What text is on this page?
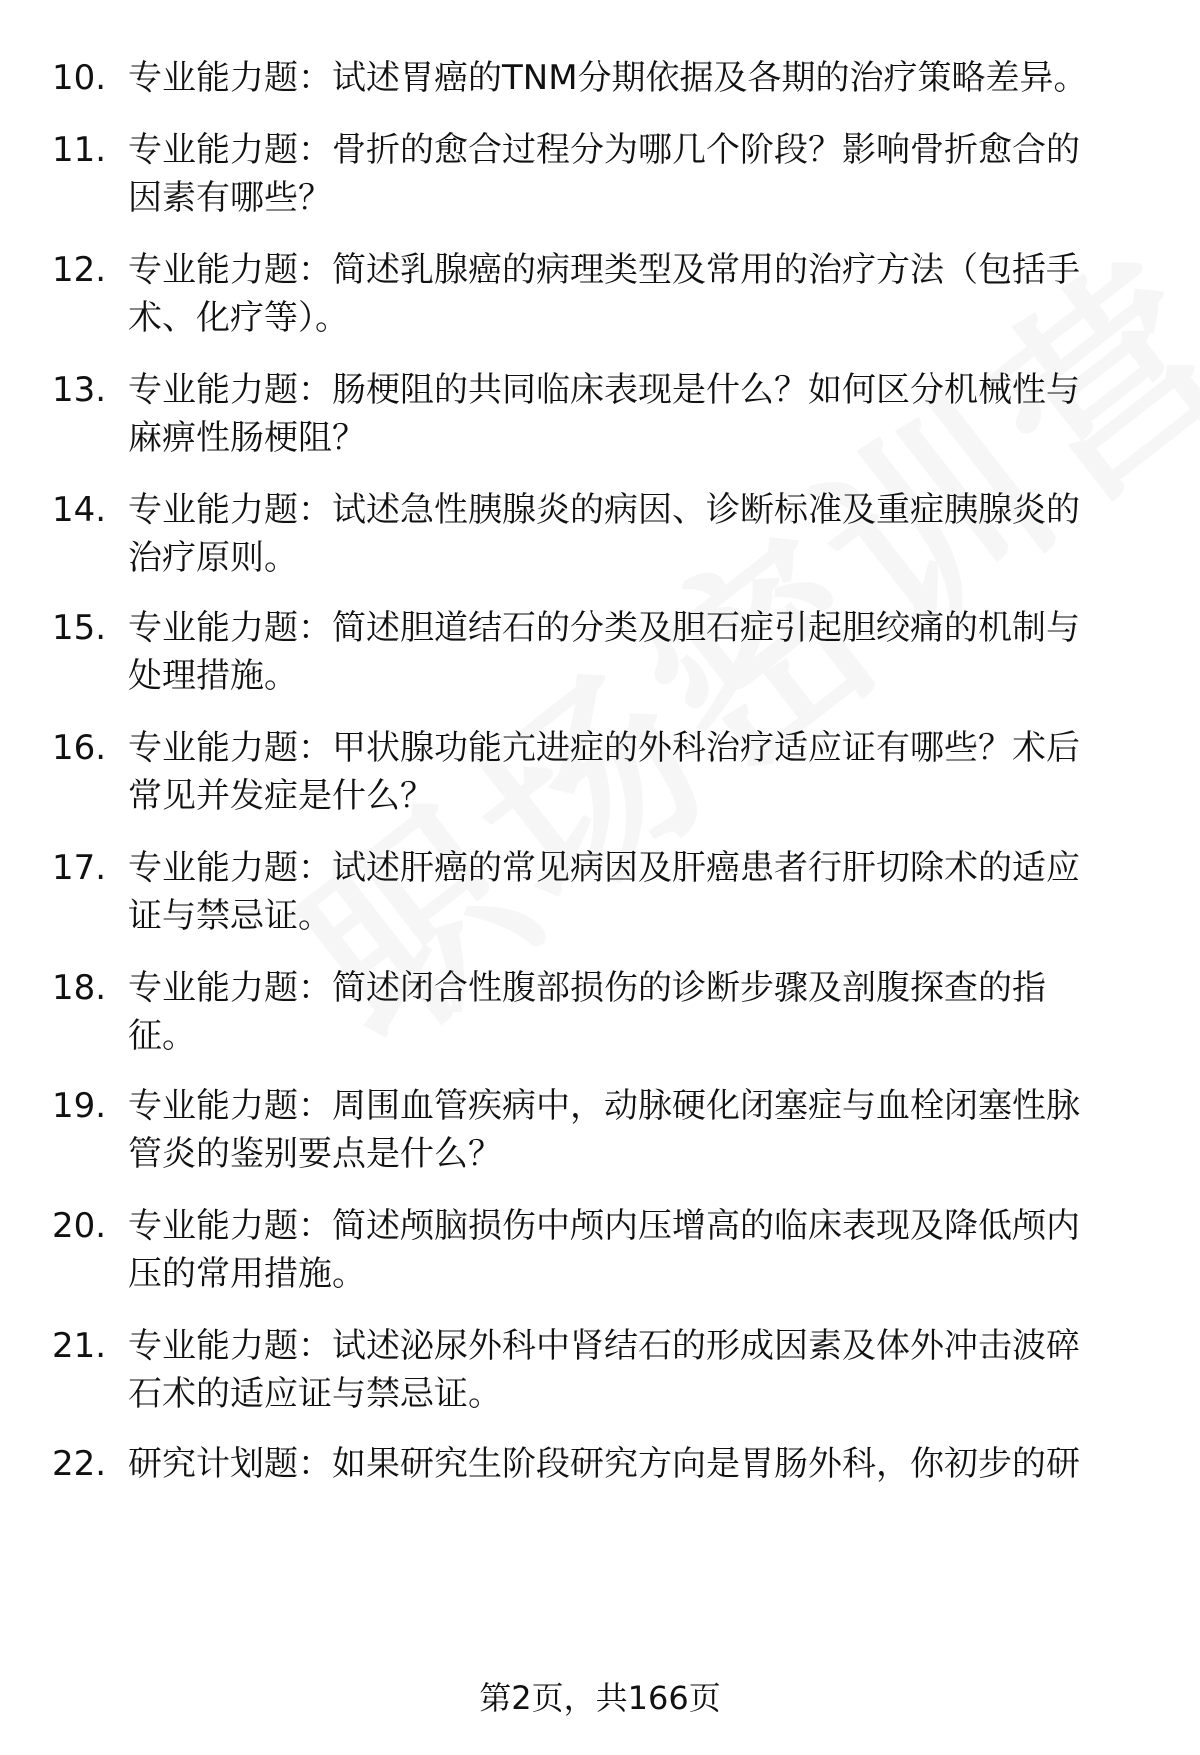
10. 专业能力题：试述胃癌的TNM分期依据及各期的治疗策略差异。
11. 专业能力题：骨折的愈合过程分为哪几个阶段？影响骨折愈合的
因素有哪些？
12. 专业能力题：简述乳腺癌的病理类型及常用的治疗方法（包括手
术、化疗等）。
13. 专业能力题：肠梗阻的共同临床表现是什么？如何区分机械性与
麻痹性肠梗阻？
14. 专业能力题：试述急性胰腺炎的病因、诊断标准及重症胰腺炎的
治疗原则。
15. 专业能力题：简述胆道结石的分类及胆石症引起胆绞痛的机制与
处理措施。
16. 专业能力题：甲状腺功能亢进症的外科治疗适应证有哪些？术后
常见并发症是什么？
17. 专业能力题：试述肝癌的常见病因及肝癌患者行肝切除术的适应
证与禁忌证。
18. 专业能力题：简述闭合性腹部损伤的诊断步骤及剖腹探查的指
征。
19. 专业能力题：周围血管疾病中，动脉硬化闭塞症与血栓闭塞性脉
管炎的鉴别要点是什么？
20. 专业能力题：简述颅脑损伤中颅内压增高的临床表现及降低颅内
压的常用措施。
21. 专业能力题：试述泌尿外科中肾结石的形成因素及体外冲击波碎
石术的适应证与禁忌证。
22. 研究计划题：如果研究生阶段研究方向是胃肠外科，你初步的研
第2页，共166页
